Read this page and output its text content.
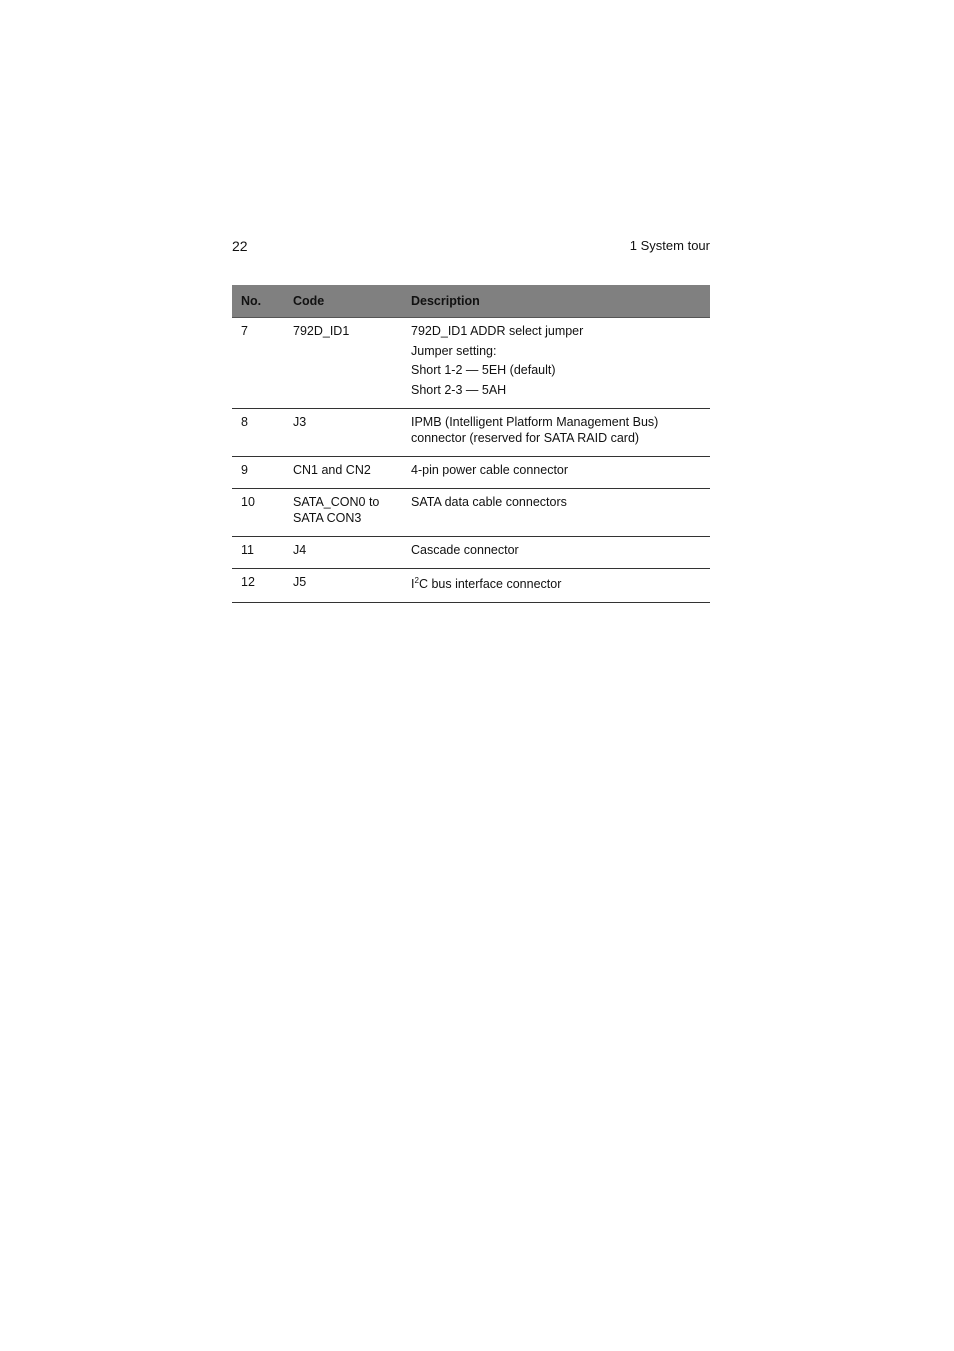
22	1 System tour
No.	Code	Description
7	792D_ID1	792D_ID1 ADDR select jumper
Jumper setting:
Short 1-2 — 5EH (default)
Short 2-3 — 5AH

8	J3	IPMB (Intelligent Platform Management Bus) connector (reserved for SATA RAID card)
9	CN1 and CN2	4-pin power cable connector
10	SATA_CON0 to SATA CON3	SATA data cable connectors
11	J4	Cascade connector
12	J5	$I^2C$ bus interface connector
